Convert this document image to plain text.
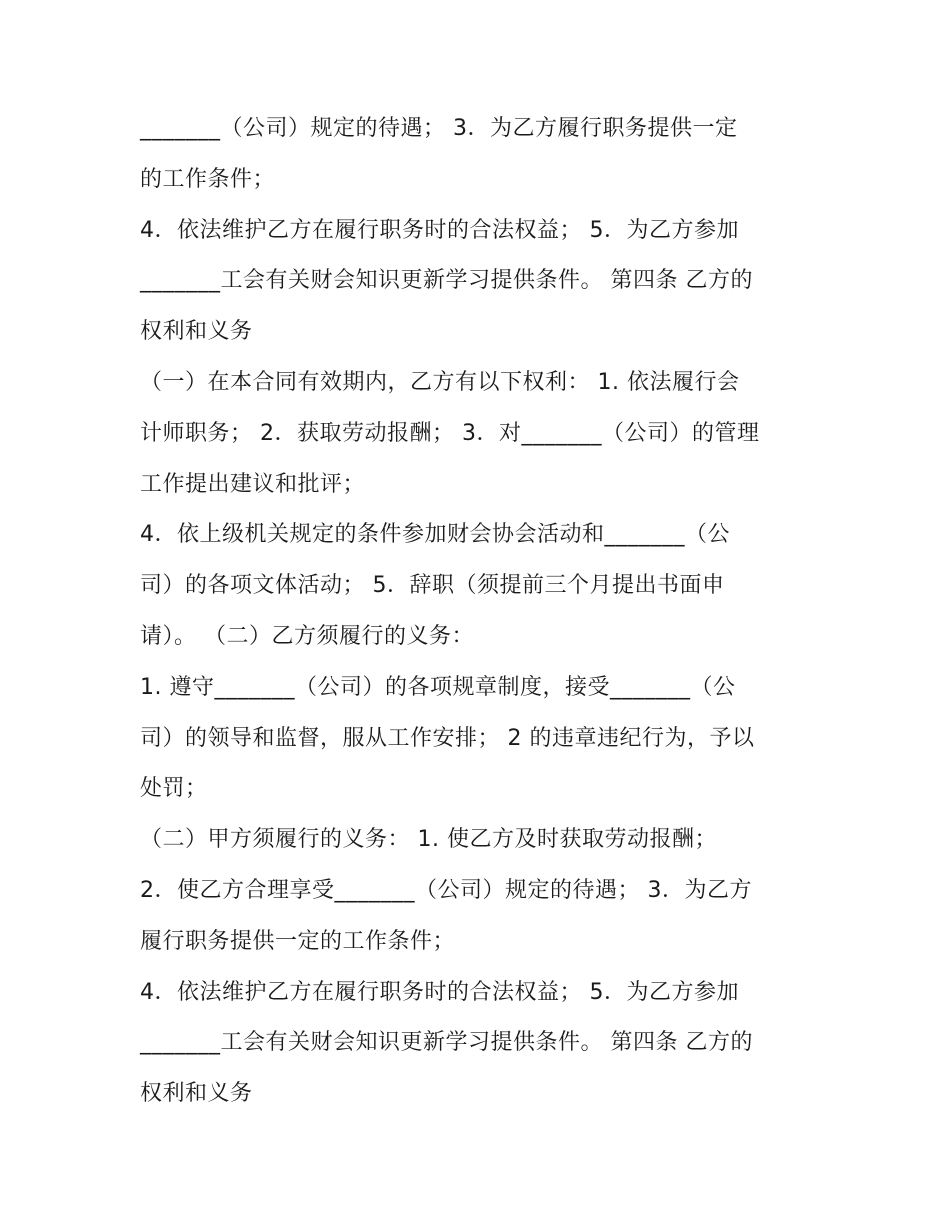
_______（公司）规定的待遇； 3．为乙方履行职务提供一定
的工作条件；
4．依法维护乙方在履行职务时的合法权益； 5．为乙方参加
_______工会有关财会知识更新学习提供条件。 第四条 乙方的
权利和义务
（一）在本合同有效期内，乙方有以下权利： 1. 依法履行会
计师职务； 2．获取劳动报酬； 3．对_______（公司）的管理
工作提出建议和批评；
4．依上级机关规定的条件参加财会协会活动和_______（公
司）的各项文体活动； 5．辞职（须提前三个月提出书面申
请）。 （二）乙方须履行的义务：
1. 遵守_______（公司）的各项规章制度，接受_______（公
司）的领导和监督，服从工作安排； 2 的违章违纪行为，予以
处罚；
（二）甲方须履行的义务： 1. 使乙方及时获取劳动报酬；
2．使乙方合理享受_______（公司）规定的待遇； 3．为乙方
履行职务提供一定的工作条件；
4．依法维护乙方在履行职务时的合法权益； 5．为乙方参加
_______工会有关财会知识更新学习提供条件。 第四条 乙方的
权利和义务
